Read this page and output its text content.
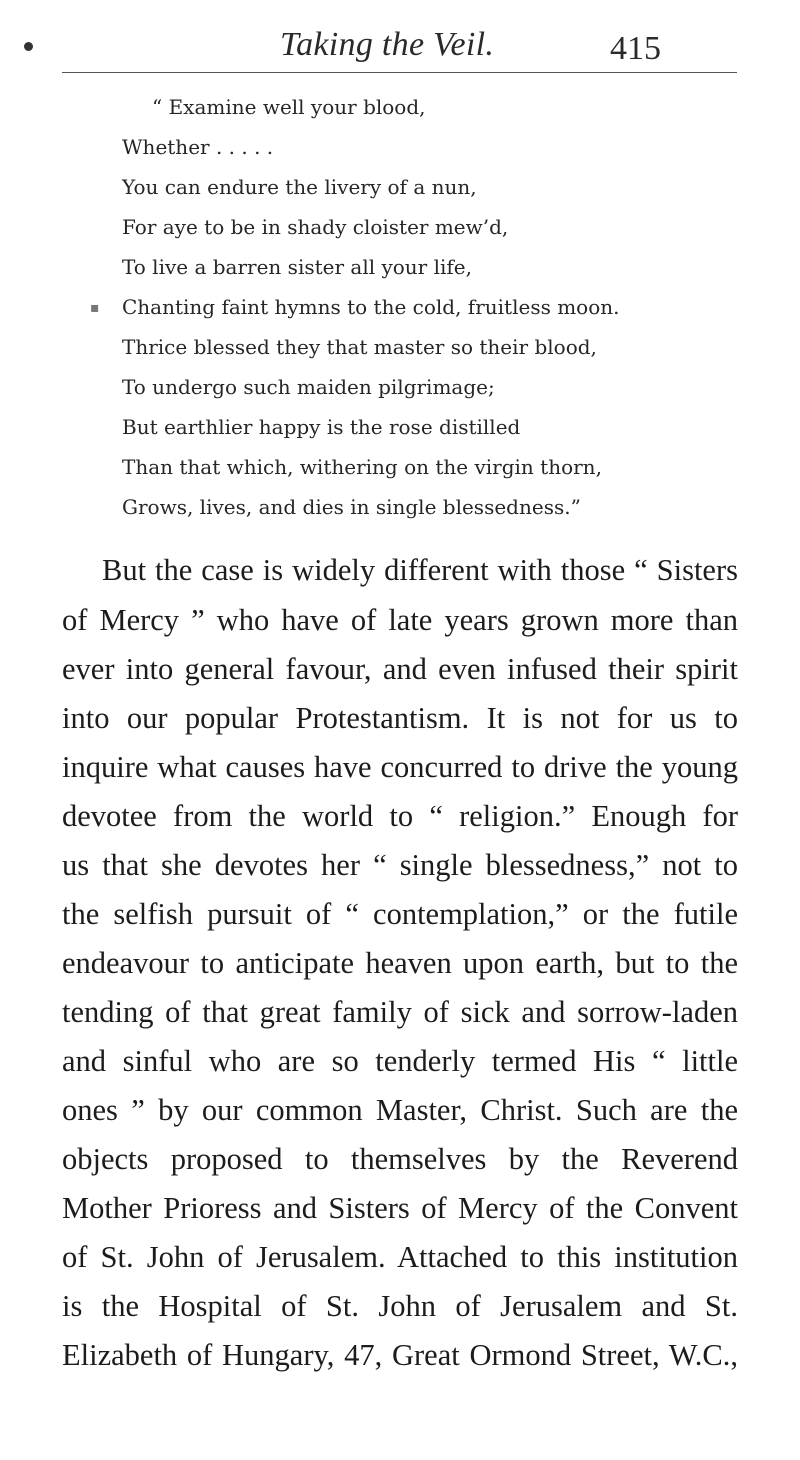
Taking the Veil.	415
“ Examine well your blood,
Whether . . . . .
You can endure the livery of a nun,
For aye to be in shady cloister mew’d,
To live a barren sister all your life,
Chanting faint hymns to the cold, fruitless moon.
Thrice blessed they that master so their blood,
To undergo such maiden pilgrimage;
But earthlier happy is the rose distilled
Than that which, withering on the virgin thorn,
Grows, lives, and dies in single blessedness.”
▪
But the case is widely different with those “ Sisters
of Mercy ” who have of late years grown more than
ever into general favour, and even infused their spirit
into our popular Protestantism. It is not for us to
inquire what causes have concurred to drive the young
devotee from the world to “ religion.” Enough for
us that she devotes her “ single blessedness,” not to
the selfish pursuit of “ contemplation,” or the futile
endeavour to anticipate heaven upon earth, but to the
tending of that great family of sick and sorrow-laden
and sinful who are so tenderly termed His “ little
ones ” by our common Master, Christ. Such are the
objects proposed to themselves by the Reverend
Mother Prioress and Sisters of Mercy of the Convent
of St. John of Jerusalem. Attached to this institution
is the Hospital of St. John of Jerusalem and St.
Elizabeth of Hungary, 47, Great Ormond Street, W.C.,
